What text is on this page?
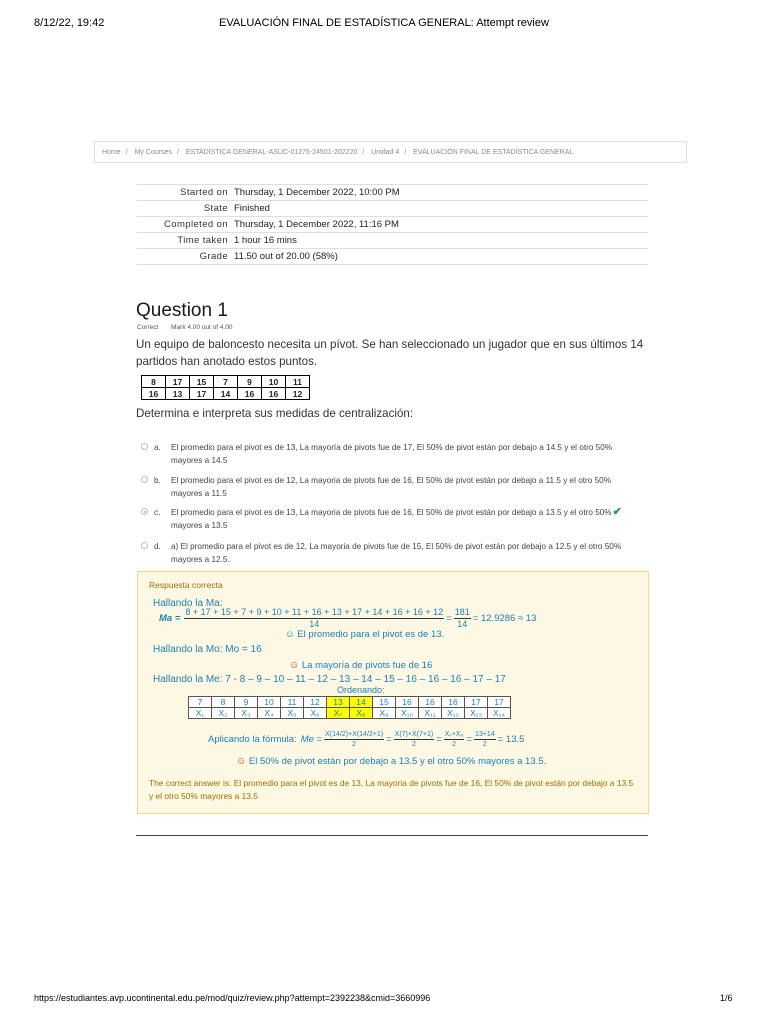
8/12/22, 19:42	EVALUACIÓN FINAL DE ESTADÍSTICA GENERAL: Attempt review
Home / My Courses / ESTADÍSTICA GENERAL-ASUC-01275-24501-202220 / Unidad 4 / EVALUACIÓN FINAL DE ESTADÍSTICA GENERAL
Started on	Thursday, 1 December 2022, 10:00 PM
State	Finished
Completed on	Thursday, 1 December 2022, 11:16 PM
Time taken	1 hour 16 mins
Grade	11.50 out of 20.00 (58%)
Question 1
Correct Mark 4.00 out of 4.00
Un equipo de baloncesto necesita un pívot. Se han seleccionado un jugador que en sus últimos 14 partidos han anotado estos puntos.
8	17	15	7	9	10	11
16	13	17	14	16	16	12
Determina e interpreta sus medidas de centralización:
a. El promedio para el pivot es de 13, La mayoría de pivots fue de 17, El 50% de pivot están por debajo a 14.5 y el otro 50%
mayores a 14.5
b. El promedio para el pivot es de 12, La mayoria de pivots fue de 16, El 50% de pivot están por debajo a 11.5 y el otro 50%
mayores a 11.5
c. El promedio para el pivot es de 13, La mayoria de pivots fue de 16, El 50% de pivot están por debajo a 13.5 y el otro 50%✔
mayores a 13.5
d. a) El promedio para el pivot es de 12, La mayoria de pivots fue de 15, El 50% de pivot están por debajo a 12.5 y el otro 50%
mayores a 12.5.
Respuesta correcta
Hallando la Ma:
Ma =
8 + 17 + 15 + 7 + 9 + 10 + 11 + 16 + 13 + 17 + 14 + 16 + 16 + 12
14	= $\frac{181}{14} = 12.9286 \approx 13$
☺ El promedio para el pivot es de 13.
Hallando la Mo: Mo = 16
☺ La mayoría de pivots fue de 16
Hallando la Me: 7 - 8 – 9 – 10 – 11 – 12 – 13 – 14 – 15 – 16 – 16 – 16 – 17 – 17
Ordenando:
7	8	9	10	11	12	13	14	15	16	16	16	17	17
X₁	X₂	X₃	X₄	X₅	X₆	X₇	X₈	X₉	X₁₀	X₁₁	X₁₂	X₁₃	X₁₄
Aplicando la fórmula: $Me = \frac{X(14/2)+X(14/2+1)}{2} = \frac{X(7)+X(7+1)}{2} = \frac{\text{X₇+X₈}}{2} = \frac{13+14}{2} = 13.5$
☺ El 50% de pivot están por debajo a 13.5 y el otro 50% mayores a 13.5.
The correct answer is: El promedio para el pivot es de 13, La mayoria de pivots fue de 16, El 50% de pivot están por debajo a 13.5 y el otro 50% mayores a 13.5
https://estudiantes.avp.ucontinental.edu.pe/mod/quiz/review.php?attempt=2392238&cmid=3660996	1/6
